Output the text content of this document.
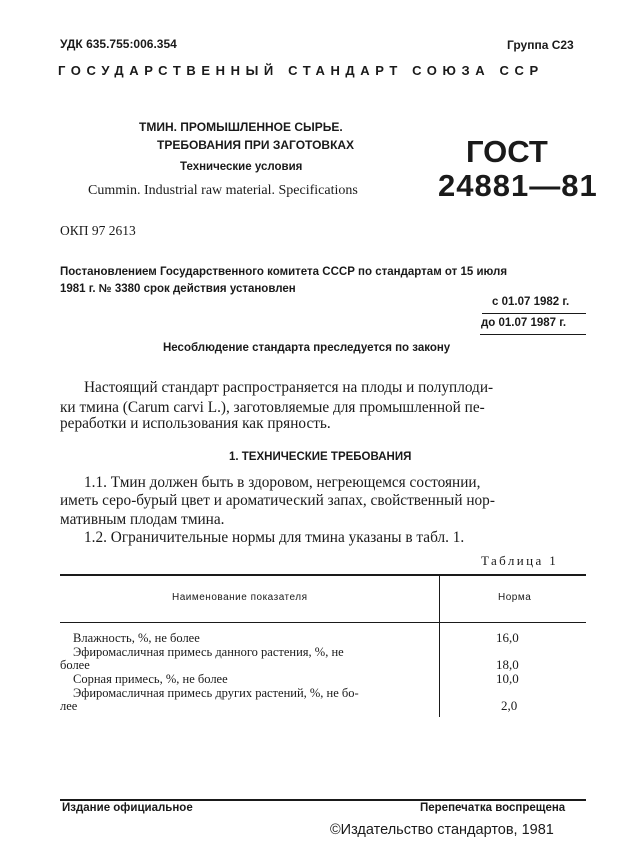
УДК 635.755:006.354	Группа С23
ГОСУДАРСТВЕННЫЙ СТАНДАРТ СОЮЗА ССР
ТМИН. ПРОМЫШЛЕННОЕ СЫРЬЕ.
ТРЕБОВАНИЯ ПРИ ЗАГОТОВКАХ
Технические условия
Cummin. Industrial raw material. Specifications
ГОСТ
24881—81
ОКП 97 2613
Постановлением Государственного комитета СССР по стандартам от 15 июля
1981 г. № 3380 срок действия установлен
с 01.07 1982 г.
до 01.07 1987 г.
Несоблюдение стандарта преследуется по закону
Настоящий стандарт распространяется на плоды и полуплоди-
ки тмина (Carum carvi L.), заготовляемые для промышленной пе-
реработки и использования как пряность.
1. ТЕХНИЧЕСКИЕ ТРЕБОВАНИЯ
1.1. Тмин должен быть в здоровом, негреющемся состоянии,
иметь серо-бурый цвет и ароматический запах, свойственный нор-
мативным плодам тмина.
1.2. Ограничительные нормы для тмина указаны в табл. 1.
Таблица 1
Наименование показателя	Норма
Влажность, %, не более	16,0
Эфиромасличная примесь данного растения, %, не
более	18,0
Сорная примесь, %, не более	10,0
Эфиромасличная примесь других растений, %, не бо-
лее	2,0
Издание официальное	Перепечатка воспрещена
©Издательство стандартов, 1981
